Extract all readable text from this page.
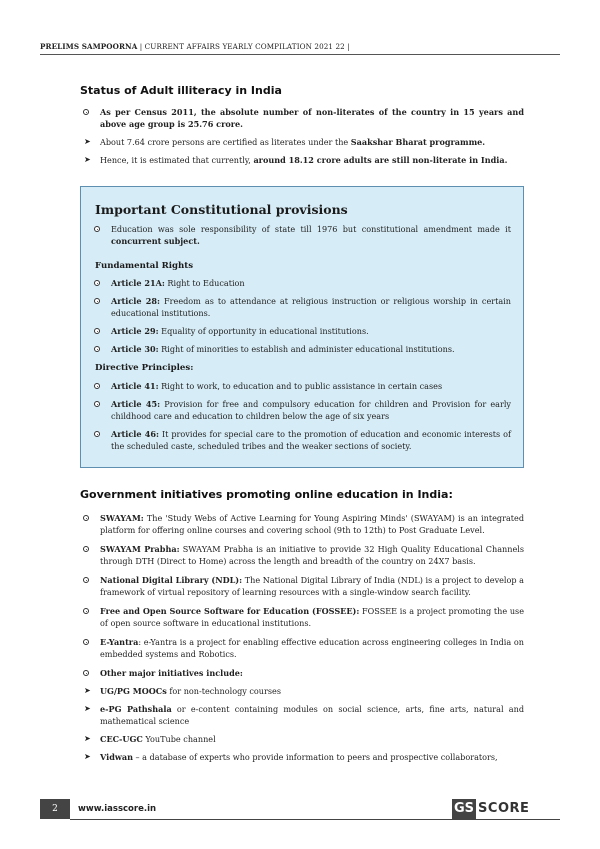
PRELIMS SAMPOORNA | CURRENT AFFAIRS YEARLY COMPILATION 2021 22 |
Status of Adult illiteracy in India
As per Census 2011, the absolute number of non-literates of the country in 15 years and above age group is 25.76 crore.
➤ About 7.64 crore persons are certified as literates under the Saakshar Bharat programme.
➤ Hence, it is estimated that currently, around 18.12 crore adults are still non-literate in India.
Important Constitutional provisions
Education was sole responsibility of state till 1976 but constitutional amendment made it concurrent subject.
Fundamental Rights
Article 21A: Right to Education
Article 28: Freedom as to attendance at religious instruction or religious worship in certain educational institutions.
Article 29: Equality of opportunity in educational institutions.
Article 30: Right of minorities to establish and administer educational institutions.
Directive Principles:
Article 41: Right to work, to education and to public assistance in certain cases
Article 45: Provision for free and compulsory education for children and Provision for early childhood care and education to children below the age of six years
Article 46: It provides for special care to the promotion of education and economic interests of the scheduled caste, scheduled tribes and the weaker sections of society.
Government initiatives promoting online education in India:
SWAYAM: The 'Study Webs of Active Learning for Young Aspiring Minds' (SWAYAM) is an integrated platform for offering online courses and covering school (9th to 12th) to Post Graduate Level.
SWAYAM Prabha: SWAYAM Prabha is an initiative to provide 32 High Quality Educational Channels through DTH (Direct to Home) across the length and breadth of the country on 24X7 basis.
National Digital Library (NDL): The National Digital Library of India (NDL) is a project to develop a framework of virtual repository of learning resources with a single-window search facility.
Free and Open Source Software for Education (FOSSEE): FOSSEE is a project promoting the use of open source software in educational institutions.
E-Yantra: e-Yantra is a project for enabling effective education across engineering colleges in India on embedded systems and Robotics.
Other major initiatives include:
➤ UG/PG MOOCs for non-technology courses
➤ e-PG Pathshala or e-content containing modules on social science, arts, fine arts, natural and mathematical science
➤ CEC-UGC YouTube channel
➤ Vidwan – a database of experts who provide information to peers and prospective collaborators,
2	www.iasscore.in	GS SCORE
